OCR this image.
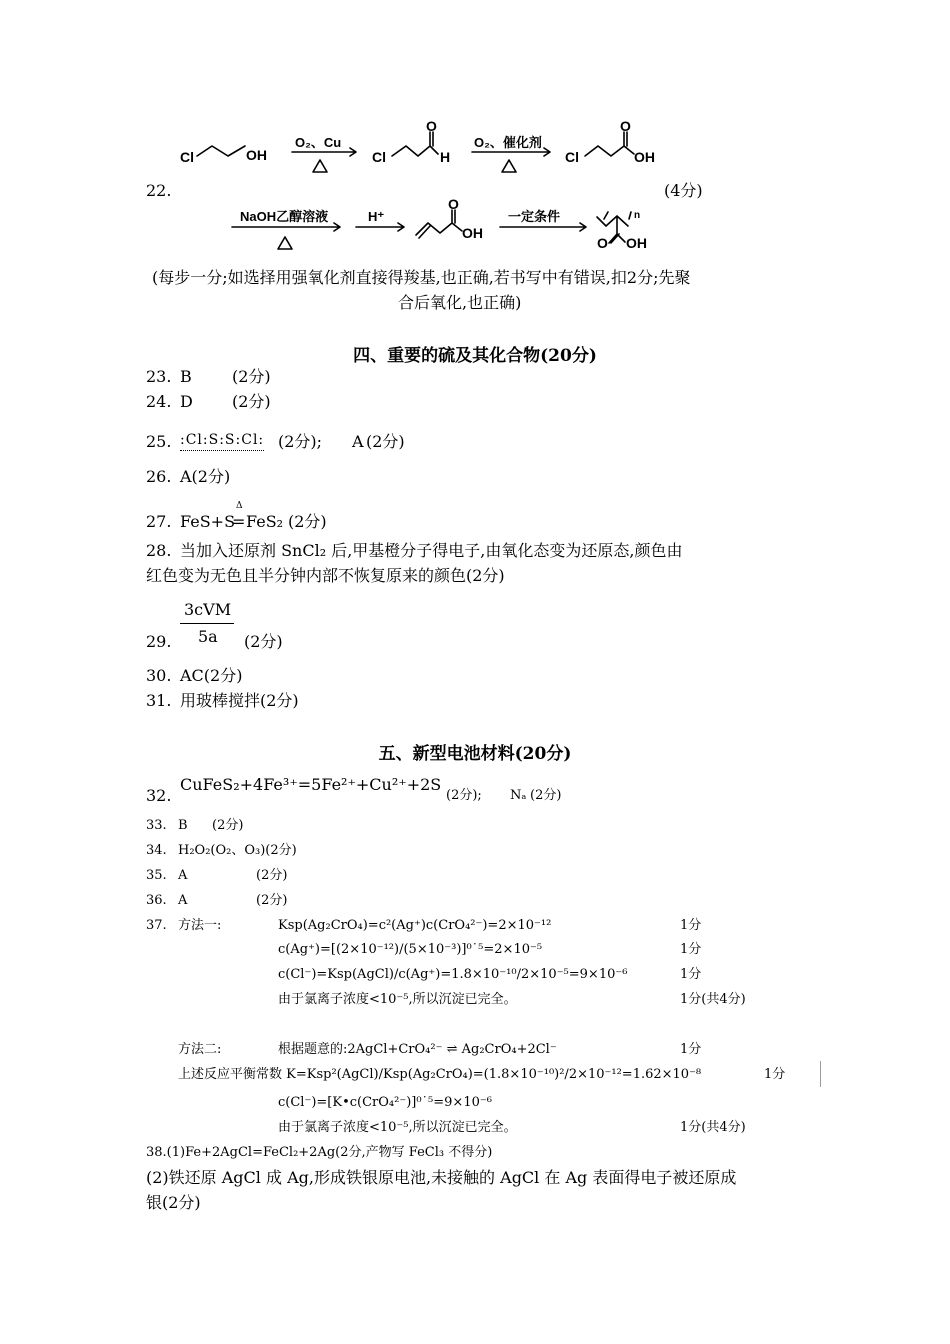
Cl	OH	Cl
O
H	Cl
O
OH
O
OH
O OH
n
O₂、Cu	O₂、催化剂
NaOH乙醇溶液	H⁺	一定条件
22.	(4分)
(每步一分;如选择用强氧化剂直接得羧基,也正确,若书写中有错误,扣2分;先聚
合后氧化,也正确)
四、重要的硫及其化合物(20分)
23. B	(2分)
24. D (2分)
25. :Cl:S:S:Cl: (2分); A (2分)
26. A(2分)
27. FeS+S
Δ
= FeS₂ (2分)
28. 当加入还原剂 SnCl₂ 后,甲基橙分子得电子,由氧化态变为还原态,颜色由
红色变为无色且半分钟内部不恢复原来的颜色(2分)
3cVM
29. 5a (2分)
30. AC(2分)
31. 用玻棒搅拌(2分)
五、新型电池材料(20分)
32.
CuFeS₂+4Fe³⁺=5Fe²⁺+Cu²⁺+2S
(2分); Nₐ (2分)
33. B (2分)
34. H₂O₂(O₂、O₃)(2分)
35. A	(2分)
36. A	(2分)
37. 方法一:	Ksp(Ag₂CrO₄)=c²(Ag⁺)c(CrO₄²⁻)=2×10⁻¹²	1分
c(Ag⁺)=[(2×10⁻¹²)/(5×10⁻³)]⁰˙⁵=2×10⁻⁵	1分
c(Cl⁻)=Ksp(AgCl)/c(Ag⁺)=1.8×10⁻¹⁰/2×10⁻⁵=9×10⁻⁶	1分
由于氯离子浓度<10⁻⁵,所以沉淀已完全。	1分(共4分)
方法二:	根据题意的:2AgCl+CrO₄²⁻ ⇌ Ag₂CrO₄+2Cl⁻	1分
上述反应平衡常数 K=Ksp²(AgCl)/Ksp(Ag₂CrO₄)=(1.8×10⁻¹⁰)²/2×10⁻¹²=1.62×10⁻⁸	1分
c(Cl⁻)=[K•c(CrO₄²⁻)]⁰˙⁵=9×10⁻⁶
由于氯离子浓度<10⁻⁵,所以沉淀已完全。	1分(共4分)
38.(1)Fe+2AgCl=FeCl₂+2Ag(2分,产物写 FeCl₃ 不得分)
(2)铁还原 AgCl 成 Ag,形成铁银原电池,未接触的 AgCl 在 Ag 表面得电子被还原成
银(2分)
